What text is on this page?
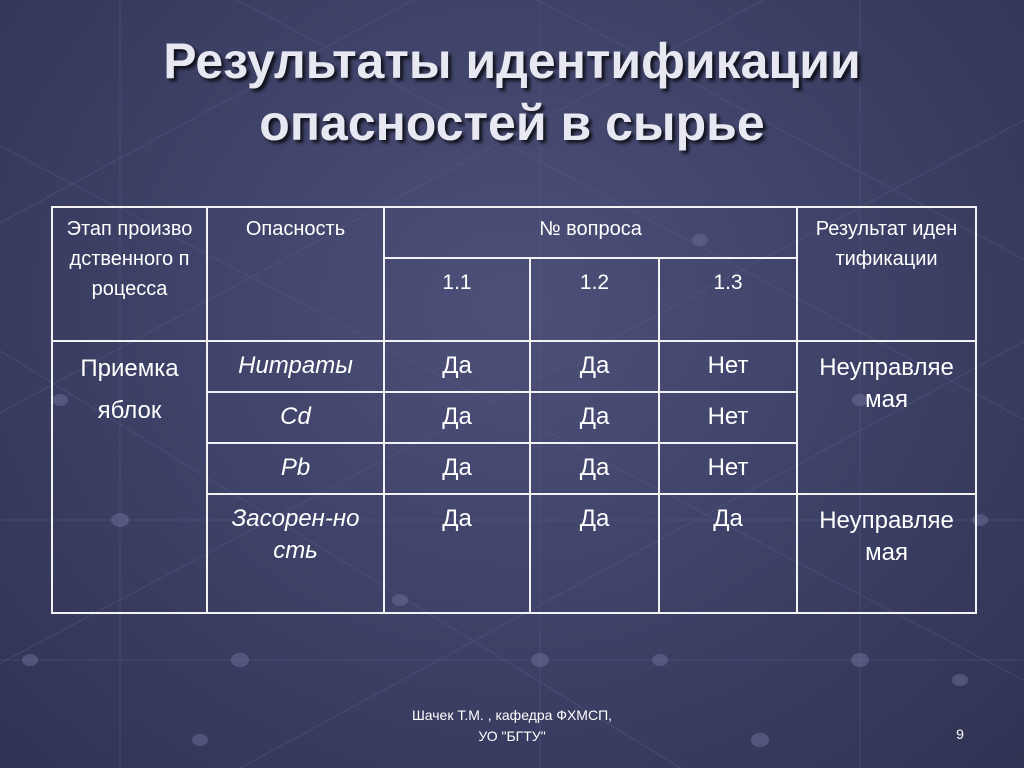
Результаты идентификации
опасностей в сырье
Этап производственного процесса	Опасность	№ вопроса			Результат идентификации

		1.1	1.2	1.3	

Приемка яблок	Нитраты	Да	Да	Нет	Неуправляемая

	Cd	Да	Да	Нет	
	Pb	Да	Да	Нет	

	Засорен-ность	Да	Да	Да	Неуправляемая
Шачек Т.М. , кафедра ФХМСП,
УО "БГТУ"	9
